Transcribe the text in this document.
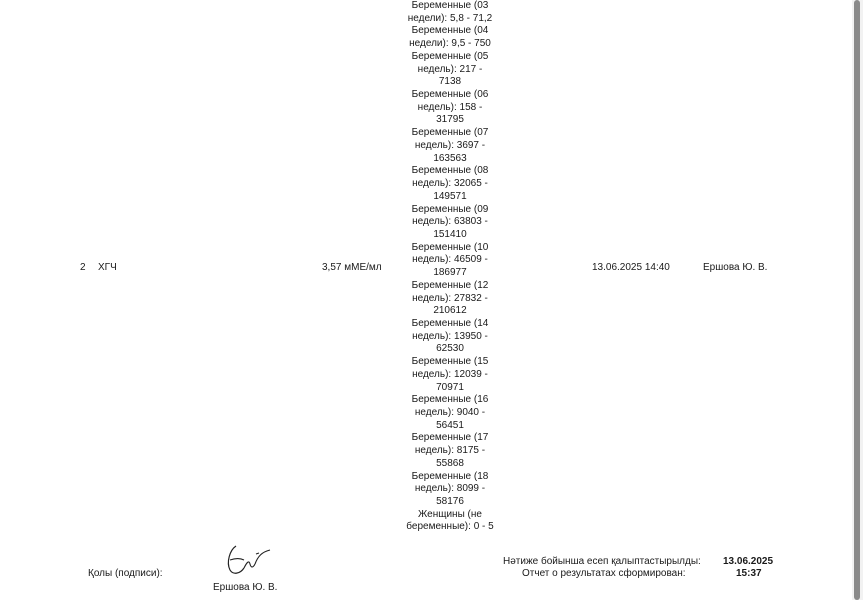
2 ХГЧ	3,57 мМЕ/мл
Беременные (03
недели): 5,8 - 71,2
Беременные (04
недели): 9,5 - 750
Беременные (05
недель): 217 -
7138
Беременные (06
недель): 158 -
31795
Беременные (07
недель): 3697 -
163563
Беременные (08
недель): 32065 -
149571
Беременные (09
недель): 63803 -
151410
Беременные (10
недель): 46509 -
186977
Беременные (12
недель): 27832 -
210612
Беременные (14
недель): 13950 -
62530
Беременные (15
недель): 12039 -
70971
Беременные (16
недель): 9040 -
56451
Беременные (17
недель): 8175 -
55868
Беременные (18
недель): 8099 -
58176
Женщины (не
беременные): 0 - 5
13.06.2025 14:40	Ершова Ю. В.
Қолы (подписи):
Ершова Ю. В.
Нәтиже бойынша есеп қалыптастырылды:
Отчет о результатах сформирован:
13.06.2025
15:37
